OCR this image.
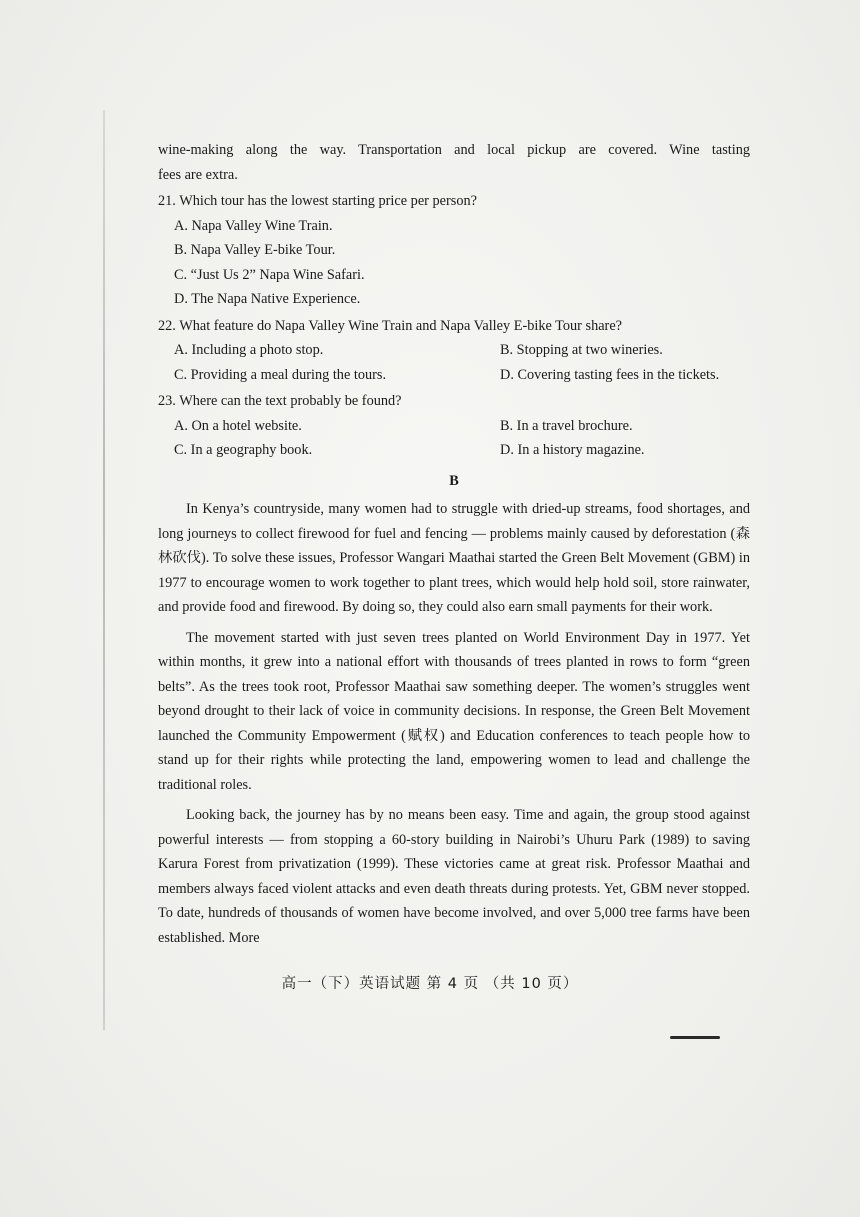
wine-making along the way. Transportation and local pickup are covered. Wine tasting
fees are extra.
21. Which tour has the lowest starting price per person?
A. Napa Valley Wine Train.
B. Napa Valley E-bike Tour.
C. “Just Us 2” Napa Wine Safari.
D. The Napa Native Experience.
22. What feature do Napa Valley Wine Train and Napa Valley E-bike Tour share?
A. Including a photo stop.	B. Stopping at two wineries.
C. Providing a meal during the tours.	D. Covering tasting fees in the tickets.
23. Where can the text probably be found?
A. On a hotel website.	B. In a travel brochure.
C. In a geography book.	D. In a history magazine.
B

In Kenya’s countryside, many women had to struggle with dried-up streams, food shortages, and long journeys to collect firewood for fuel and fencing — problems mainly caused by deforestation (森林砍伐). To solve these issues, Professor Wangari Maathai started the Green Belt Movement (GBM) in 1977 to encourage women to work together to plant trees, which would help hold soil, store rainwater, and provide food and firewood. By doing so, they could also earn small payments for their work.

The movement started with just seven trees planted on World Environment Day in 1977. Yet within months, it grew into a national effort with thousands of trees planted in rows to form “green belts”. As the trees took root, Professor Maathai saw something deeper. The women’s struggles went beyond drought to their lack of voice in community decisions. In response, the Green Belt Movement launched the Community Empowerment (赋权) and Education conferences to teach people how to stand up for their rights while protecting the land, empowering women to lead and challenge the traditional roles.

Looking back, the journey has by no means been easy. Time and again, the group stood against powerful interests — from stopping a 60-story building in Nairobi’s Uhuru Park (1989) to saving Karura Forest from privatization (1999). These victories came at great risk. Professor Maathai and members always faced violent attacks and even death threats during protests. Yet, GBM never stopped. To date, hundreds of thousands of women have become involved, and over 5,000 tree farms have been established. More

高一（下）英语试题 第 4 页 （共 10 页）
